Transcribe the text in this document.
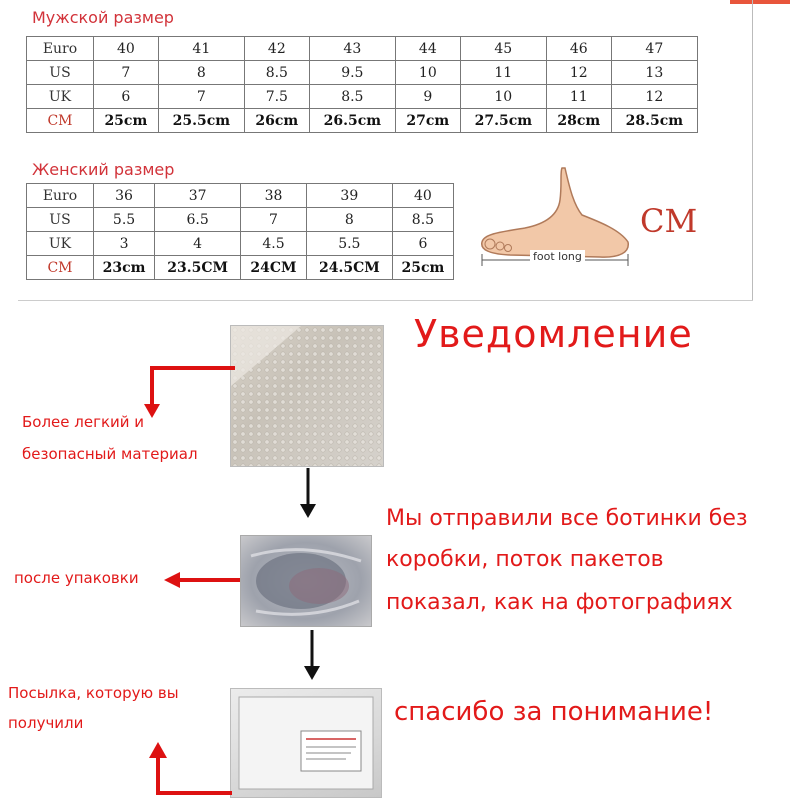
Мужской размер
Euro	40	41	42	43	44	45	46	47
US	7	8	8.5	9.5	10	11	12	13
UK	6	7	7.5	8.5	9	10	11	12
CM	25cm	25.5cm	26cm	26.5cm	27cm	27.5cm	28cm	28.5cm
Женский размер
Euro	36	37	38	39	40
US	5.5	6.5	7	8	8.5
UK	3	4	4.5	5.5	6
CM	23cm	23.5CM	24CM	24.5CM	25cm
foot long
CM
Уведомление
Более легкий и
безопасный материал
после упаковки
Мы отправили все ботинки без
коробки, поток пакетов
показал, как на фотографиях
Посылка, которую вы
получили	спасибо за понимание!
